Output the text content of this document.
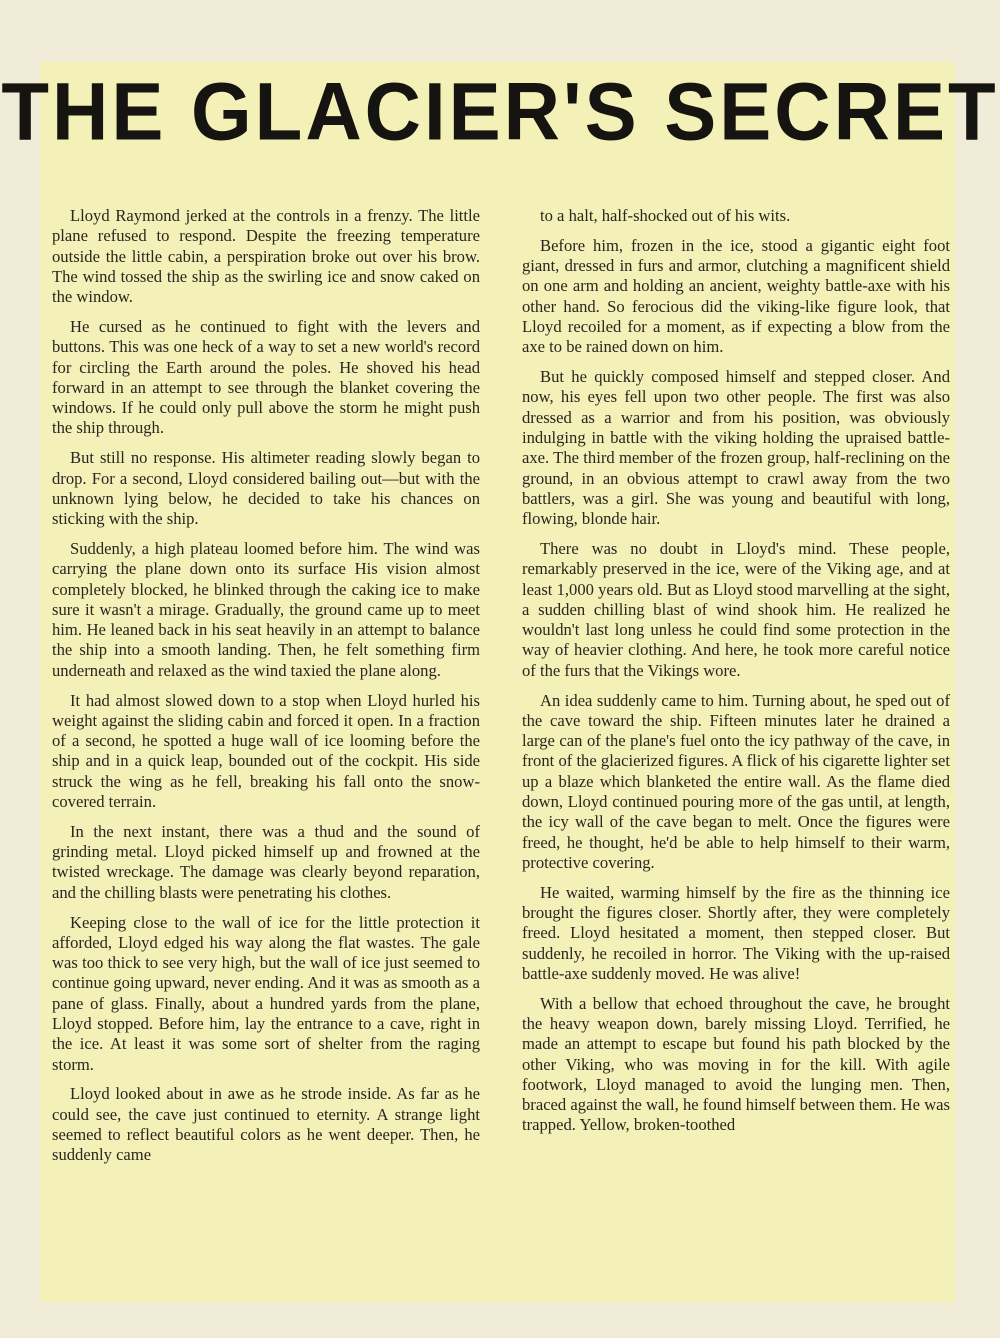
THE GLACIER'S SECRET

Lloyd Raymond jerked at the controls in a frenzy. The little plane refused to respond. Despite the freezing temperature outside the little cabin, a perspiration broke out over his brow. The wind tossed the ship as the swirling ice and snow caked on the window.

He cursed as he continued to fight with the levers and buttons. This was one heck of a way to set a new world's record for circling the Earth around the poles. He shoved his head forward in an attempt to see through the blanket covering the windows. If he could only pull above the storm he might push the ship through.

But still no response. His altimeter reading slowly began to drop. For a second, Lloyd considered bailing out—but with the unknown lying below, he decided to take his chances on sticking with the ship.

Suddenly, a high plateau loomed before him. The wind was carrying the plane down onto its surface His vision almost completely blocked, he blinked through the caking ice to make sure it wasn't a mirage. Gradually, the ground came up to meet him. He leaned back in his seat heavily in an attempt to balance the ship into a smooth landing. Then, he felt something firm underneath and relaxed as the wind taxied the plane along.

It had almost slowed down to a stop when Lloyd hurled his weight against the sliding cabin and forced it open. In a fraction of a second, he spotted a huge wall of ice looming before the ship and in a quick leap, bounded out of the cockpit. His side struck the wing as he fell, breaking his fall onto the snow-covered terrain.

In the next instant, there was a thud and the sound of grinding metal. Lloyd picked himself up and frowned at the twisted wreckage. The damage was clearly beyond reparation, and the chilling blasts were penetrating his clothes.

Keeping close to the wall of ice for the little protection it afforded, Lloyd edged his way along the flat wastes. The gale was too thick to see very high, but the wall of ice just seemed to continue going upward, never ending. And it was as smooth as a pane of glass. Finally, about a hundred yards from the plane, Lloyd stopped. Before him, lay the entrance to a cave, right in the ice. At least it was some sort of shelter from the raging storm.

Lloyd looked about in awe as he strode inside. As far as he could see, the cave just continued to eternity. A strange light seemed to reflect beautiful colors as he went deeper. Then, he suddenly came

to a halt, half-shocked out of his wits.

Before him, frozen in the ice, stood a gigantic eight foot giant, dressed in furs and armor, clutching a magnificent shield on one arm and holding an ancient, weighty battle-axe with his other hand. So ferocious did the viking-like figure look, that Lloyd recoiled for a moment, as if expecting a blow from the axe to be rained down on him.

But he quickly composed himself and stepped closer. And now, his eyes fell upon two other people. The first was also dressed as a warrior and from his position, was obviously indulging in battle with the viking holding the upraised battle-axe. The third member of the frozen group, half-reclining on the ground, in an obvious attempt to crawl away from the two battlers, was a girl. She was young and beautiful with long, flowing, blonde hair.

There was no doubt in Lloyd's mind. These people, remarkably preserved in the ice, were of the Viking age, and at least 1,000 years old. But as Lloyd stood marvelling at the sight, a sudden chilling blast of wind shook him. He realized he wouldn't last long unless he could find some protection in the way of heavier clothing. And here, he took more careful notice of the furs that the Vikings wore.

An idea suddenly came to him. Turning about, he sped out of the cave toward the ship. Fifteen minutes later he drained a large can of the plane's fuel onto the icy pathway of the cave, in front of the glacierized figures. A flick of his cigarette lighter set up a blaze which blanketed the entire wall. As the flame died down, Lloyd continued pouring more of the gas until, at length, the icy wall of the cave began to melt. Once the figures were freed, he thought, he'd be able to help himself to their warm, protective covering.

He waited, warming himself by the fire as the thinning ice brought the figures closer. Shortly after, they were completely freed. Lloyd hesitated a moment, then stepped closer. But suddenly, he recoiled in horror. The Viking with the up-raised battle-axe suddenly moved. He was alive!

With a bellow that echoed throughout the cave, he brought the heavy weapon down, barely missing Lloyd. Terrified, he made an attempt to escape but found his path blocked by the other Viking, who was moving in for the kill. With agile footwork, Lloyd managed to avoid the lunging men. Then, braced against the wall, he found himself between them. He was trapped. Yellow, broken-toothed
